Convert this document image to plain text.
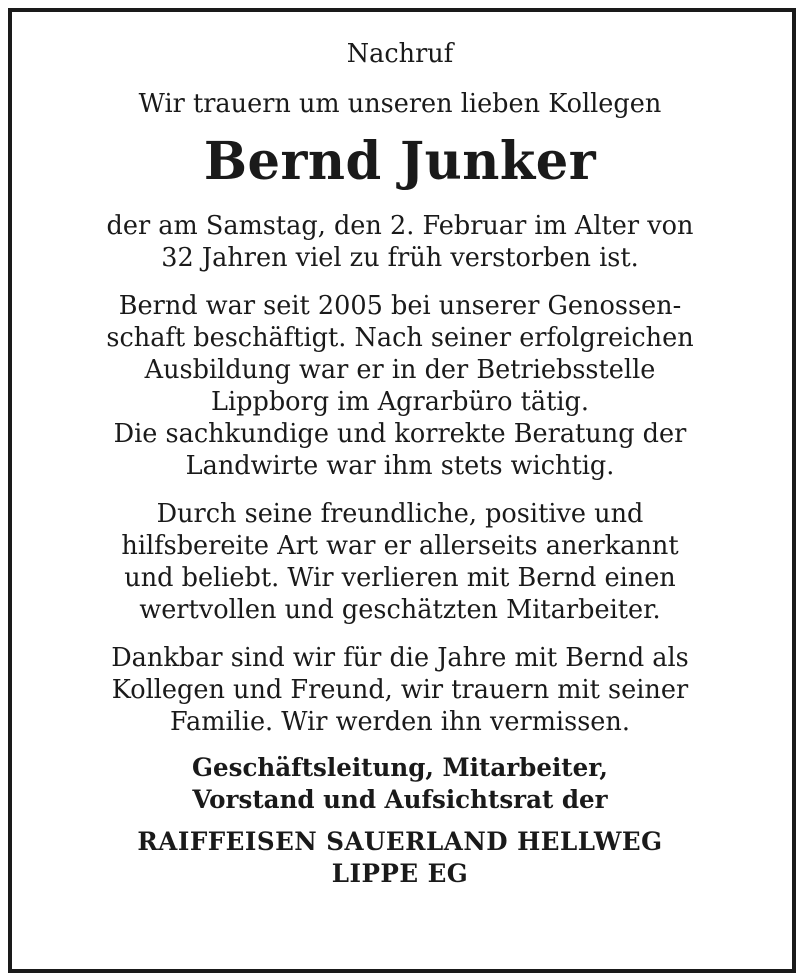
Nachruf
Wir trauern um unseren lieben Kollegen
Bernd Junker
der am Samstag, den 2. Februar im Alter von
32 Jahren viel zu früh verstorben ist.
Bernd war seit 2005 bei unserer Genossen-
schaft beschäftigt. Nach seiner erfolgreichen
Ausbildung war er in der Betriebsstelle
Lippborg im Agrarbüro tätig.
Die sachkundige und korrekte Beratung der
Landwirte war ihm stets wichtig.
Durch seine freundliche, positive und
hilfsbereite Art war er allerseits anerkannt
und beliebt. Wir verlieren mit Bernd einen
wertvollen und geschätzten Mitarbeiter.
Dankbar sind wir für die Jahre mit Bernd als
Kollegen und Freund, wir trauern mit seiner
Familie. Wir werden ihn vermissen.
Geschäftsleitung, Mitarbeiter,
Vorstand und Aufsichtsrat der
RAIFFEISEN SAUERLAND HELLWEG
LIPPE EG
